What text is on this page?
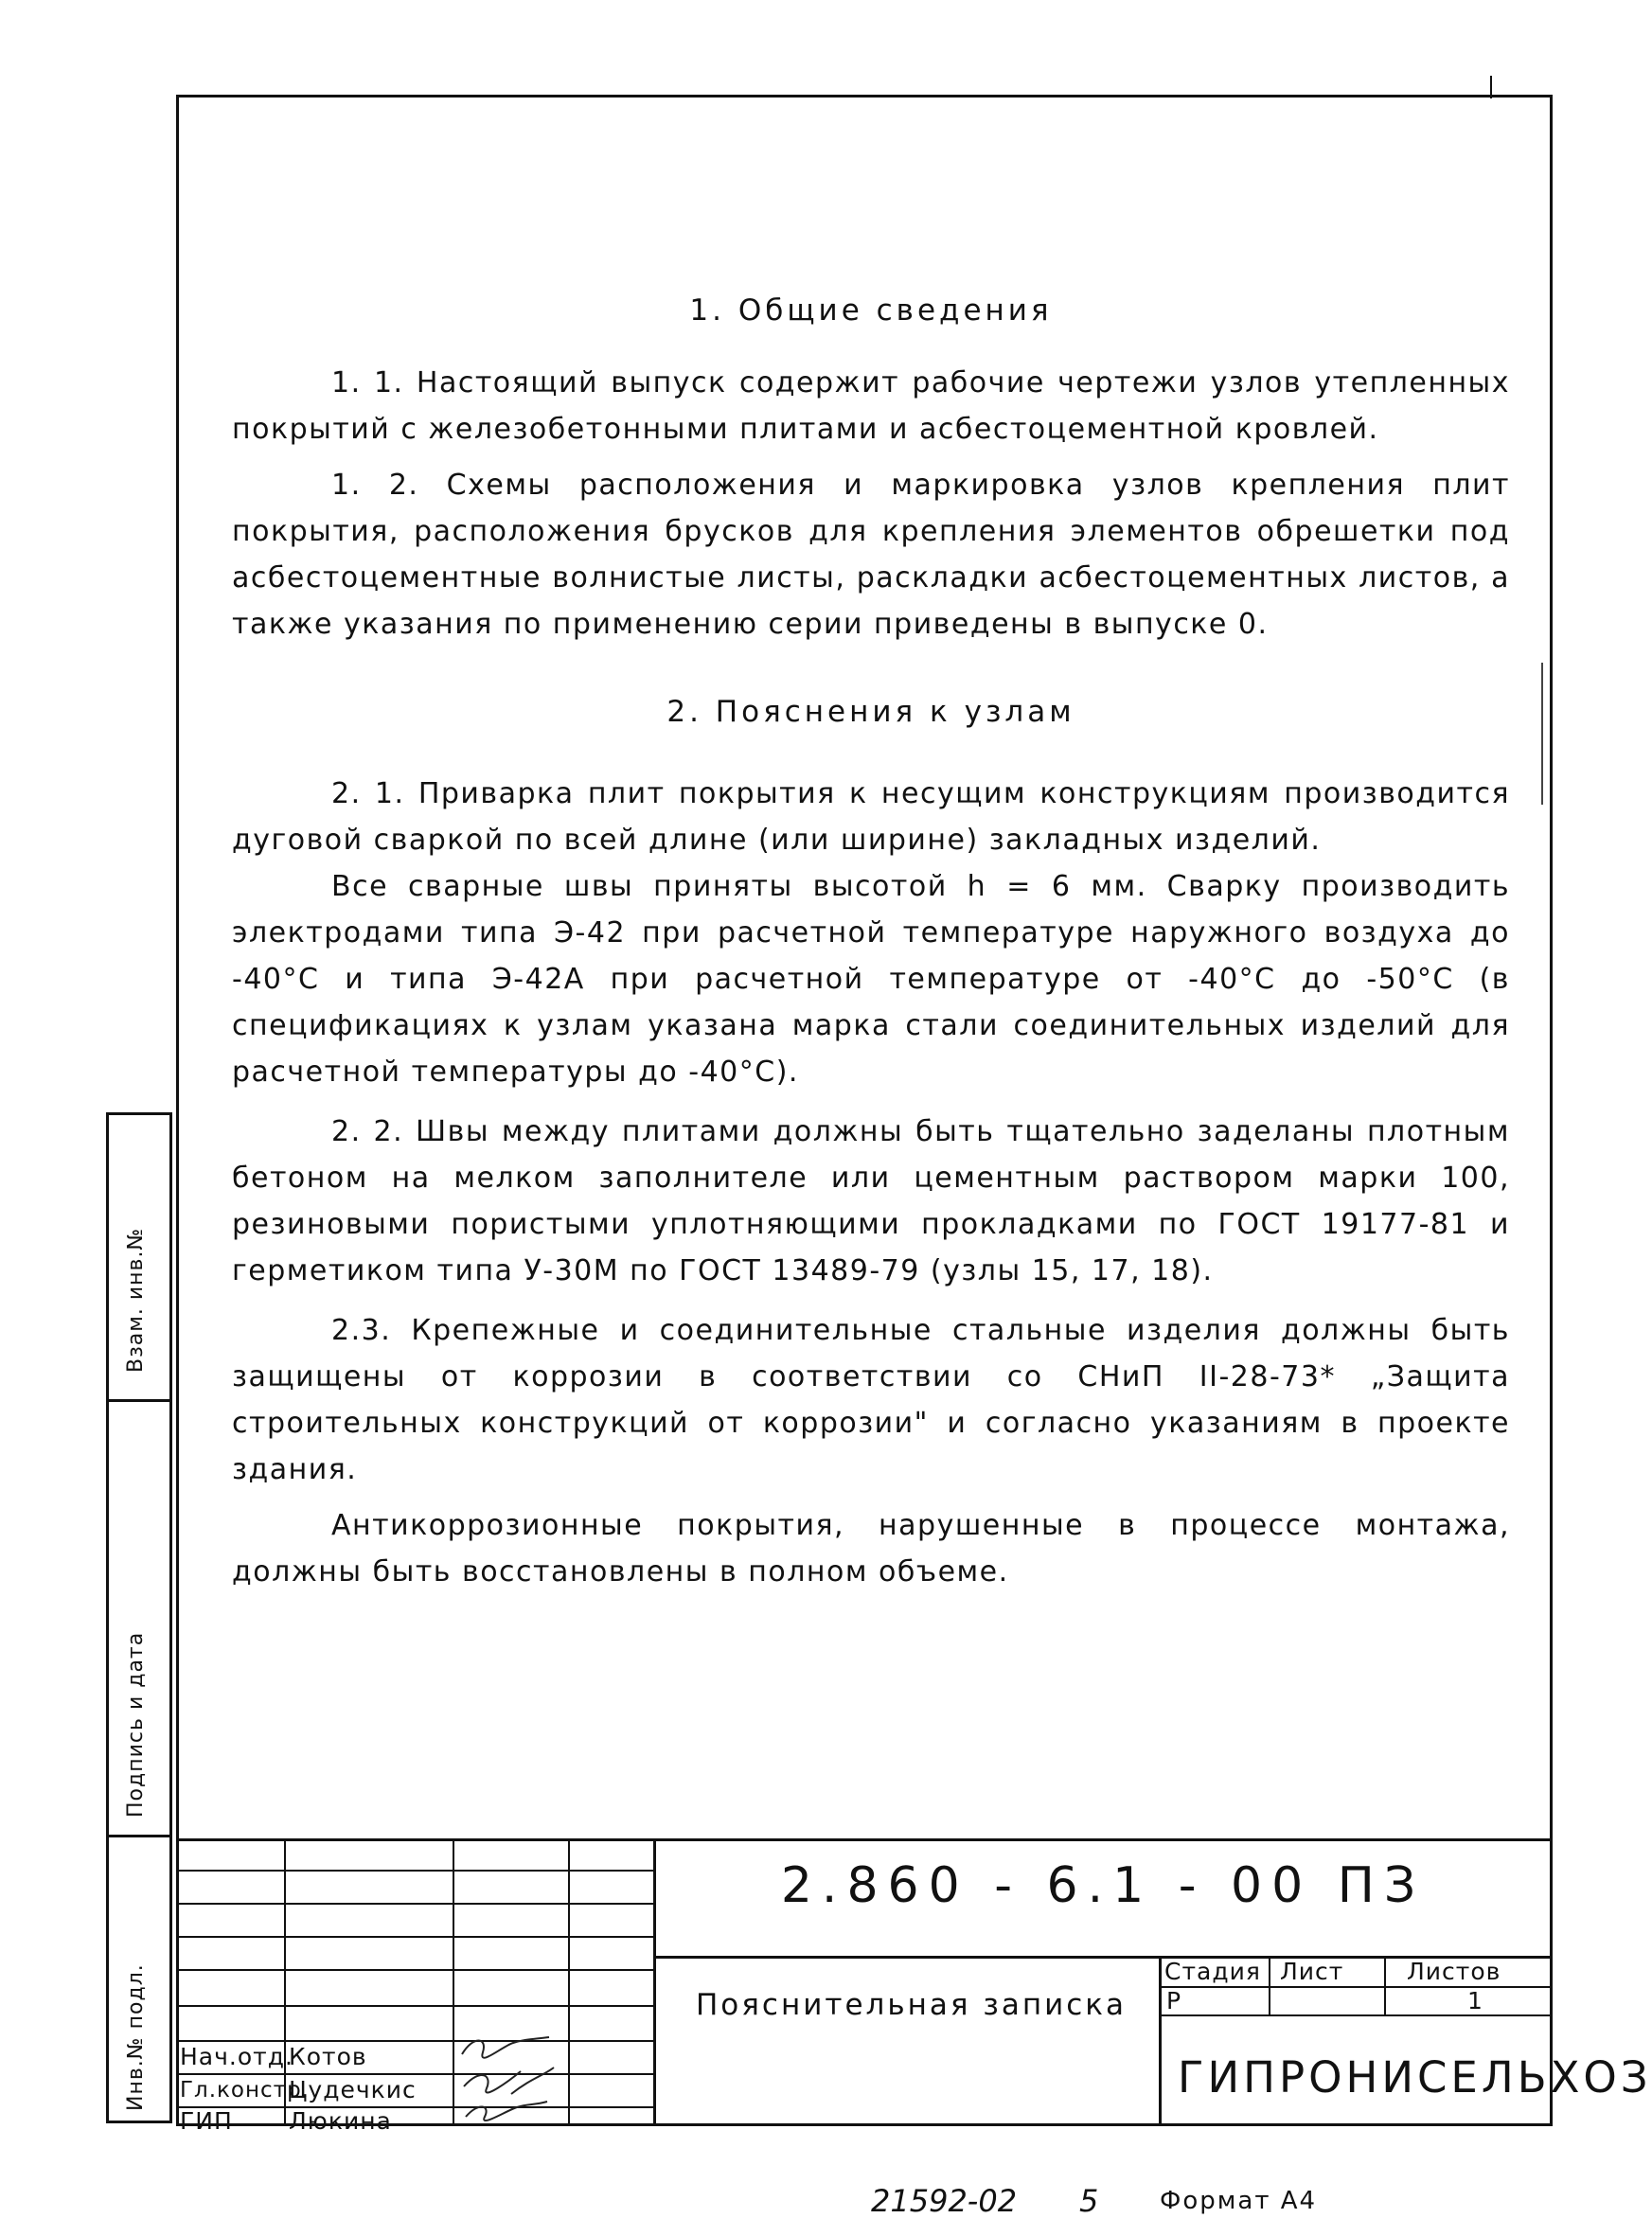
1. Общие сведения

1. 1. Настоящий выпуск содержит рабочие чертежи узлов утепленных покрытий с железобетонными плитами и асбестоцементной кровлей.

1. 2. Схемы расположения и маркировка узлов крепления плит покрытия, расположения брусков для крепления элементов обрешетки под асбестоцементные волнистые листы, раскладки асбестоцементных листов, а также указания по применению серии приведены в выпуске 0.

2. Пояснения к узлам

2. 1. Приварка плит покрытия к несущим конструкциям производится дуговой сваркой по всей длине (или ширине) закладных изделий.

Все сварные швы приняты высотой h = 6 мм. Сварку производить электродами типа Э-42 при расчетной температуре наружного воздуха до -40°С и типа Э-42А при расчетной температуре от -40°С до -50°С (в спецификациях к узлам указана марка стали соединительных изделий для расчетной температуры до -40°С).

2. 2. Швы между плитами должны быть тщательно заделаны плотным бетоном на мелком заполнителе или цементным раствором марки 100, резиновыми пористыми уплотняющими прокладками по ГОСТ 19177-81 и герметиком типа У-30М по ГОСТ 13489-79 (узлы 15, 17, 18).

2.3. Крепежные и соединительные стальные изделия должны быть защищены от коррозии в соответствии со СНиП II-28-73* „Защита строительных конструкций от коррозии" и согласно указаниям в проекте здания.

Антикоррозионные покрытия, нарушенные в процессе монтажа, должны быть восстановлены в полном объеме.

Инв.№ подл.
Подпись и дата
Взам. инв.№
2.860 - 6.1 - 00 ПЗ
Пояснительная записка
Стадия Лист	Листов
Р	1
ГИПРОНИСЕЛЬХОЗ
Нач.отд.
Котов
Гл.констр.
Цудечкис
ГИП Люкина
21592-02 5 Формат А4
